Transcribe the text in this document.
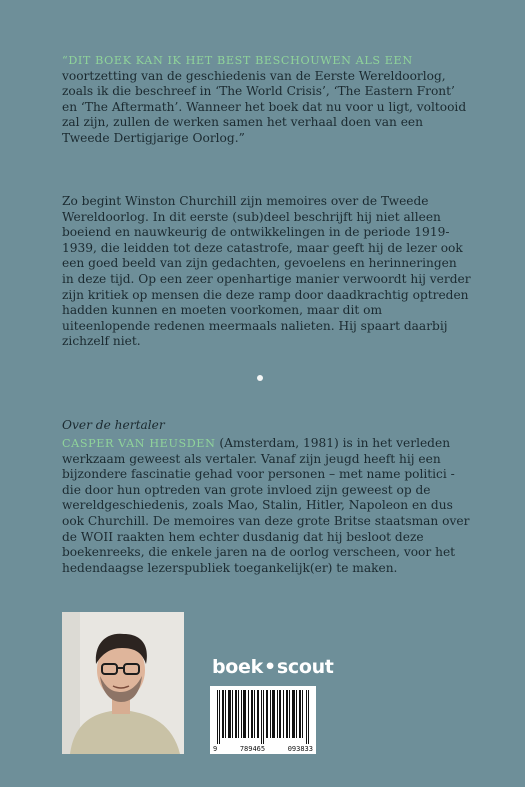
“DIT BOEK KAN IK HET BEST BESCHOUWEN ALS EEN voortzetting van de geschiedenis van de Eerste Wereldoorlog, zoals ik die beschreef in ‘The World Crisis’, ‘The Eastern Front’ en ‘The Aftermath’. Wanneer het boek dat nu voor u ligt, voltooid zal zijn, zullen de werken samen het verhaal doen van een Tweede Dertigjarige Oorlog.”
Zo begint Winston Churchill zijn memoires over de Tweede Wereldoorlog. In dit eerste (sub)deel beschrijft hij niet alleen boeiend en nauwkeurig de ontwikkelingen in de periode 1919-1939, die leidden tot deze catastrofe, maar geeft hij de lezer ook een goed beeld van zijn gedachten, gevoelens en herinneringen in deze tijd. Op een zeer openhartige manier verwoordt hij verder zijn kritiek op mensen die deze ramp door daadkrachtig optreden hadden kunnen en moeten voorkomen, maar dit om uiteenlopende redenen meermaals nalieten. Hij spaart daarbij zichzelf niet.
Over de hertaler
CASPER VAN HEUSDEN (Amsterdam, 1981) is in het verleden werkzaam geweest als vertaler. Vanaf zijn jeugd heeft hij een bijzondere fascinatie gehad voor personen – met name politici - die door hun optreden van grote invloed zijn geweest op de wereldgeschiedenis, zoals Mao, Stalin, Hitler, Napoleon en dus ook Churchill. De memoires van deze grote Britse staatsman over de WOII raakten hem echter dusdanig dat hij besloot deze boekenreeks, die enkele jaren na de oorlog verscheen, voor het hedendaagse lezerspubliek toegankelijk(er) te maken.
boek•scout
9	789465	093833
